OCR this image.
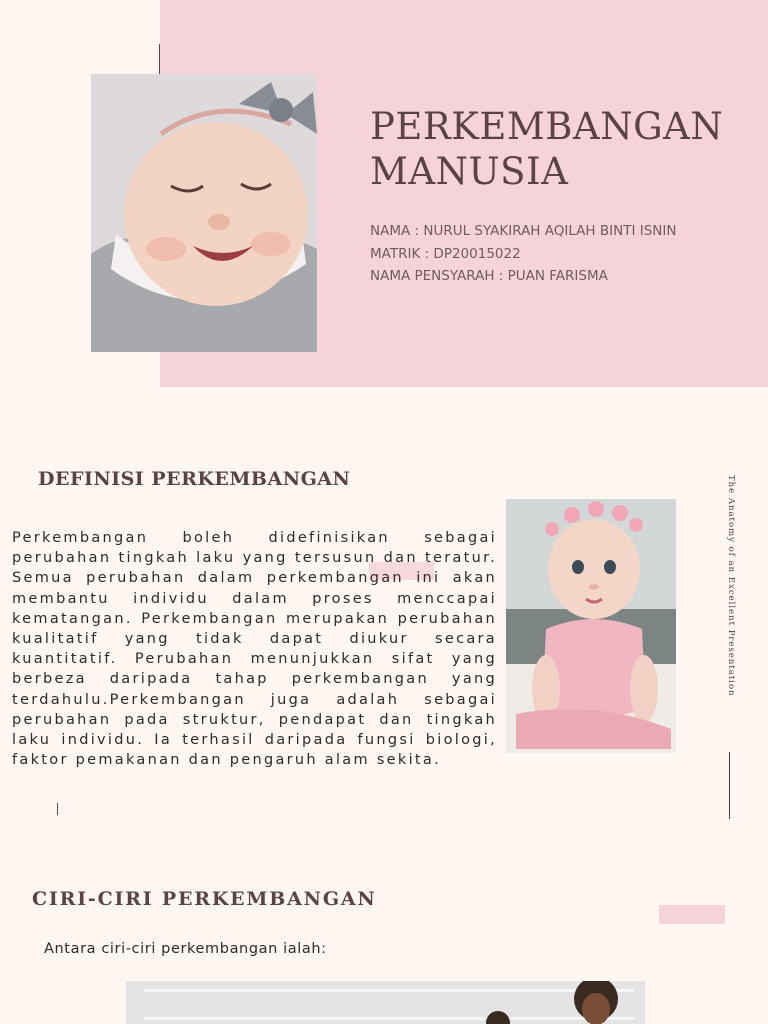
PERKEMBANGAN
MANUSIA
NAMA : NURUL SYAKIRAH AQILAH BINTI ISNIN
MATRIK : DP20015022
NAMA PENSYARAH : PUAN FARISMA
DEFINISI PERKEMBANGAN

Perkembangan boleh didefinisikan sebagai perubahan tingkah laku yang tersusun dan teratur. Semua perubahan dalam perkembangan ini akan membantu individu dalam proses menccapai kematangan. Perkembangan merupakan perubahan kualitatif yang tidak dapat diukur secara kuantitatif. Perubahan menunjukkan sifat yang berbeza daripada tahap perkembangan yang terdahulu.Perkembangan juga adalah sebagai perubahan pada struktur, pendapat dan tingkah laku individu. Ia terhasil daripada fungsi biologi, faktor pemakanan dan pengaruh alam sekita.

The Anatomy of an Excellent Presentation
CIRI-CIRI PERKEMBANGAN
Antara ciri-ciri perkembangan ialah:
